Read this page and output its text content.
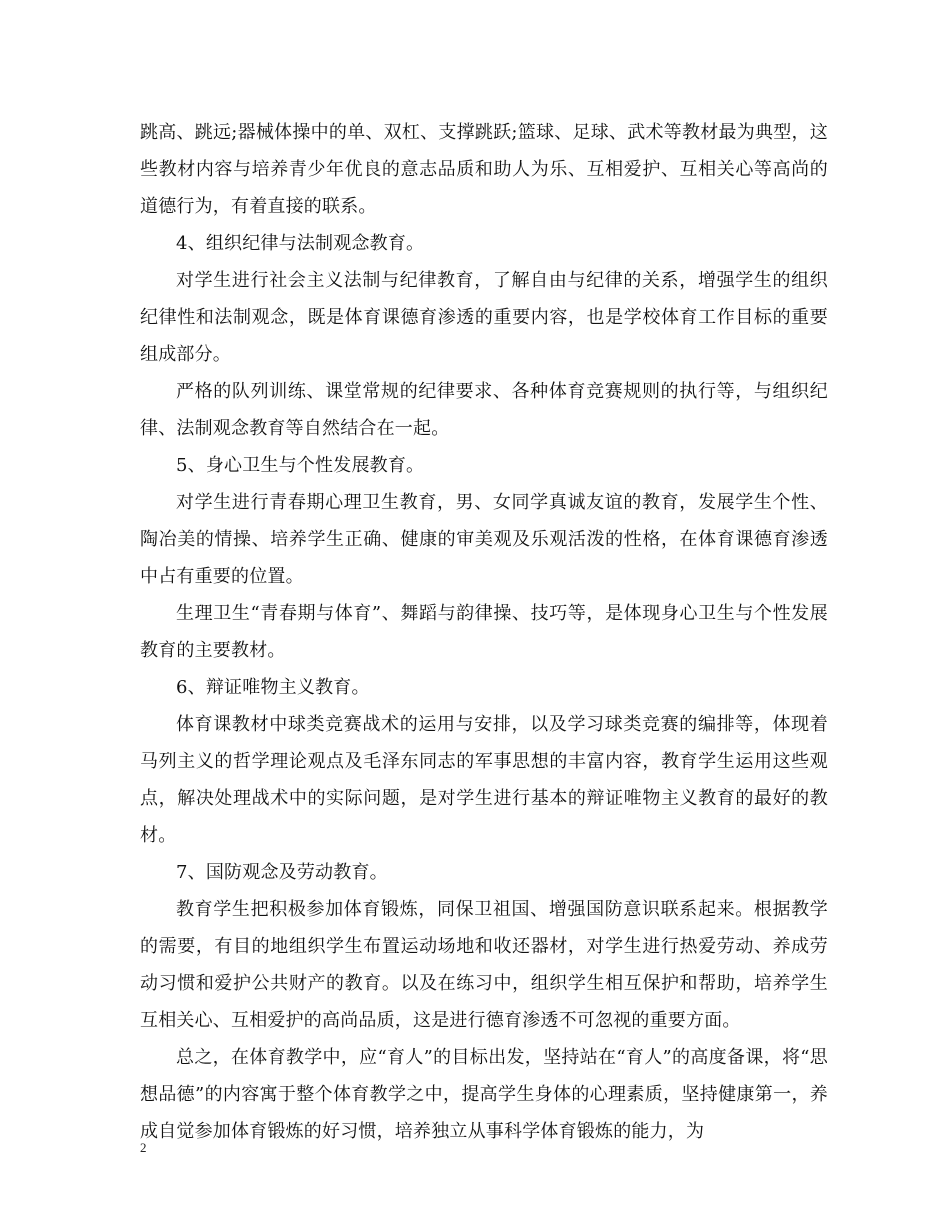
跳高、跳远;器械体操中的单、双杠、支撑跳跃;篮球、足球、武术等教材最为典型，这些教材内容与培养青少年优良的意志品质和助人为乐、互相爱护、互相关心等高尚的道德行为，有着直接的联系。

4、组织纪律与法制观念教育。

对学生进行社会主义法制与纪律教育，了解自由与纪律的关系，增强学生的组织纪律性和法制观念，既是体育课德育渗透的重要内容，也是学校体育工作目标的重要组成部分。

严格的队列训练、课堂常规的纪律要求、各种体育竞赛规则的执行等，与组织纪律、法制观念教育等自然结合在一起。

5、身心卫生与个性发展教育。

对学生进行青春期心理卫生教育，男、女同学真诚友谊的教育，发展学生个性、陶冶美的情操、培养学生正确、健康的审美观及乐观活泼的性格，在体育课德育渗透中占有重要的位置。

生理卫生“青春期与体育”、舞蹈与韵律操、技巧等，是体现身心卫生与个性发展教育的主要教材。

6、辩证唯物主义教育。

体育课教材中球类竞赛战术的运用与安排，以及学习球类竞赛的编排等，体现着马列主义的哲学理论观点及毛泽东同志的军事思想的丰富内容，教育学生运用这些观点，解决处理战术中的实际问题，是对学生进行基本的辩证唯物主义教育的最好的教材。

7、国防观念及劳动教育。

教育学生把积极参加体育锻炼，同保卫祖国、增强国防意识联系起来。根据教学的需要，有目的地组织学生布置运动场地和收还器材，对学生进行热爱劳动、养成劳动习惯和爱护公共财产的教育。以及在练习中，组织学生相互保护和帮助，培养学生互相关心、互相爱护的高尚品质，这是进行德育渗透不可忽视的重要方面。

总之，在体育教学中，应“育人”的目标出发，坚持站在“育人”的高度备课，将“思想品德”的内容寓于整个体育教学之中，提高学生身体的心理素质，坚持健康第一，养成自觉参加体育锻炼的好习惯，培养独立从事科学体育锻炼的能力，为

2
